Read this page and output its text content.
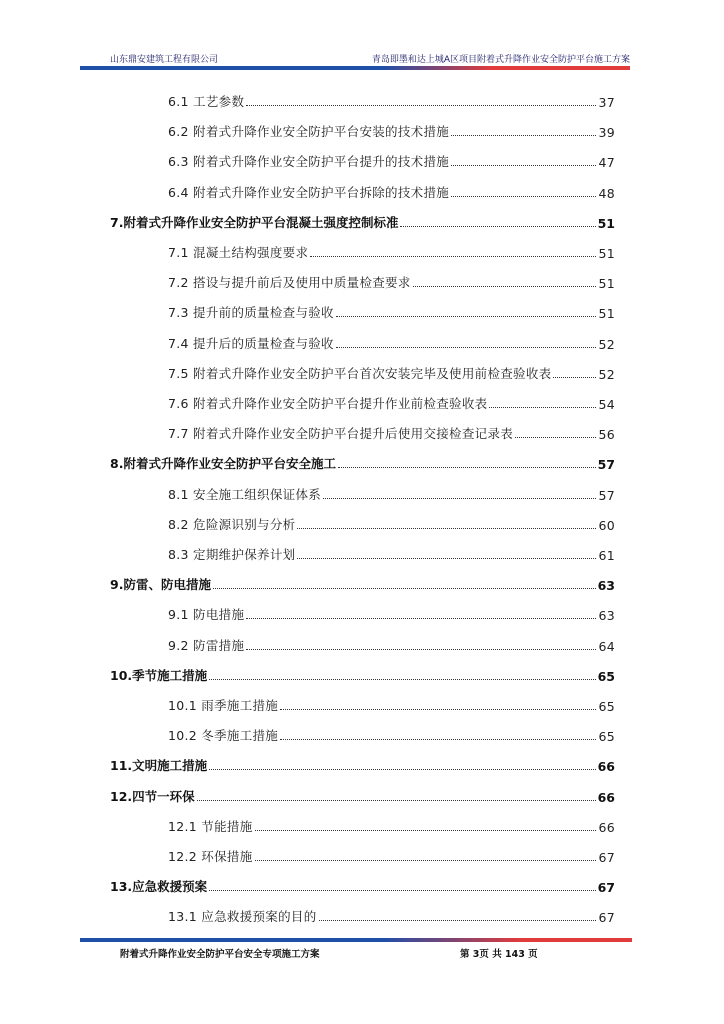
山东鼎安建筑工程有限公司	青岛即墨和达上城A区项目附着式升降作业安全防护平台施工方案
6.1 工艺参数	37
6.2 附着式升降作业安全防护平台安装的技术措施	39
6.3 附着式升降作业安全防护平台提升的技术措施	47
6.4 附着式升降作业安全防护平台拆除的技术措施	48
7.附着式升降作业安全防护平台混凝土强度控制标准	51
7.1 混凝土结构强度要求	51
7.2 搭设与提升前后及使用中质量检查要求	51
7.3 提升前的质量检查与验收	51
7.4 提升后的质量检查与验收	52
7.5 附着式升降作业安全防护平台首次安装完毕及使用前检查验收表	52
7.6 附着式升降作业安全防护平台提升作业前检查验收表	54
7.7 附着式升降作业安全防护平台提升后使用交接检查记录表	56
8.附着式升降作业安全防护平台安全施工	57
8.1 安全施工组织保证体系	57
8.2 危险源识别与分析	60
8.3 定期维护保养计划	61
9.防雷、防电措施	63
9.1 防电措施	63
9.2 防雷措施	64
10.季节施工措施	65
10.1 雨季施工措施	65
10.2 冬季施工措施	65
11.文明施工措施	66
12.四节一环保	66
12.1 节能措施	66
12.2 环保措施	67
13.应急救援预案	67
13.1 应急救援预案的目的	67
附着式升降作业安全防护平台安全专项施工方案	第 3页 共 143 页
